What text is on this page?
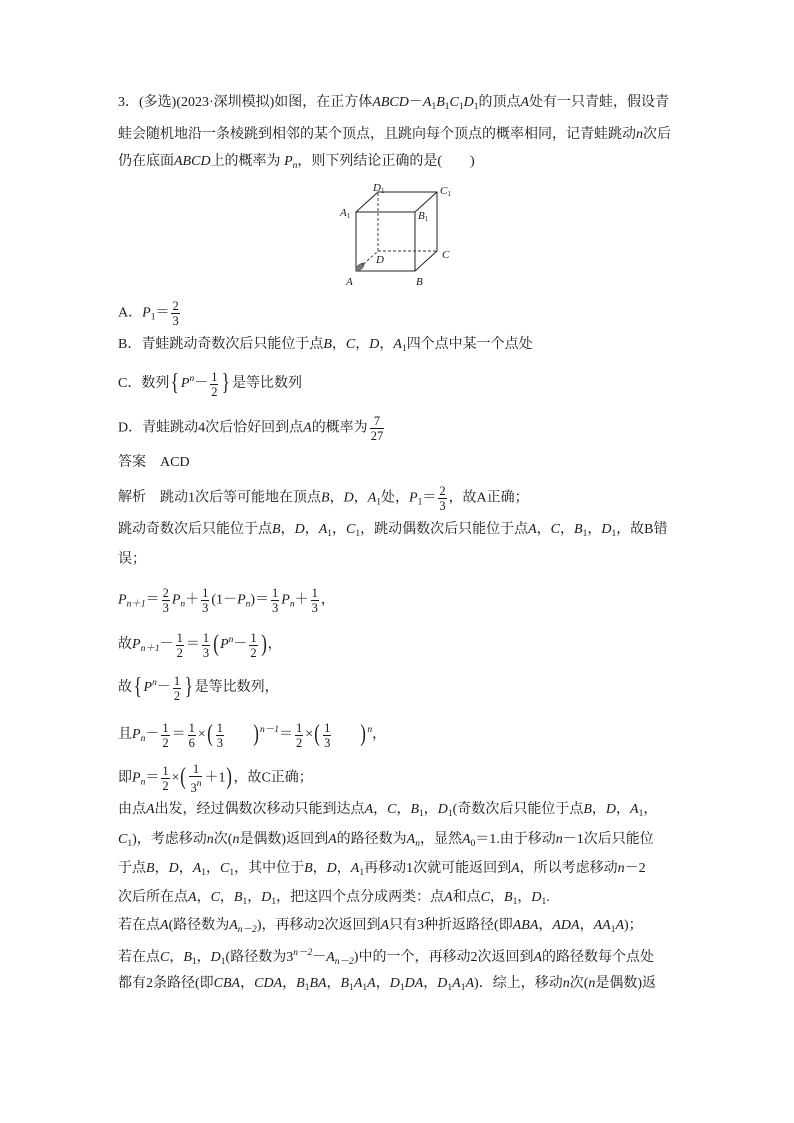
3．(多选)(2023·深圳模拟)如图，在正方体$ABCD-A_1B_1C_1D_1$的顶点A处有一只青蛙，假设青
蛙会随机地沿一条棱跳到相邻的某个顶点，且跳向每个顶点的概率相同，记青蛙跳动n次后
仍在底面ABCD上的概率为 $P_n$，则下列结论正确的是(　　)
D1	C1
A1	B1
D	C
A	B
A．$P_1= \frac{2}{3}$
B．青蛙跳动奇数次后只能位于点B，C，D，$A_1$四个点中某一个点处
C．数列{ $P^n- \frac{1}{2}$ } 是等比数列
D．青蛙跳动4次后恰好回到点A的概率为 $\frac{7}{27}$
答案 ACD
解析 跳动1次后等可能地在顶点B，D，$A_1$处，$P_1= \frac{2}{3}$ ，故A正确；
跳动奇数次后只能位于点B，D，$A_1$，$C_1$，跳动偶数次后只能位于点A，C，$B_1$，$D_1$，故B错
误；
$P_{n+1}= \frac{2}{3} P_n+ \frac{1}{3} (1-P_n)= \frac{1}{3} P_n+ \frac{1}{3}$ ，
故$P_{n+1}- \frac{1}{2} = \frac{1}{3} (P^n- \frac{1}{2}$ )，
故{ $P^n- \frac{1}{2}$ } 是等比数列，
且$P_n- \frac{1}{2} = \frac{1}{6}$ ×( $\frac{1}{3} )^{n-1}= \frac{1}{2}$ ×( $\frac{1}{3} )^n$，
即$P_n= \frac{1}{2}$ ×( $\frac{1}{3^n} +1$)，故C正确；
由点A出发，经过偶数次移动只能到达点A，C，$B_1$，$D_1$(奇数次后只能位于点B，D，$A_1$，
$C_1$)，考虑移动n次(n是偶数)返回到A的路径数为$A_n$，显然$A_0=1$.由于移动n－1次后只能位
于点B，D，$A_1$，$C_1$，其中位于B，D，$A_1$再移动1次就可能返回到A，所以考虑移动n－2
次后所在点A，C，$B_1$，$D_1$，把这四个点分成两类：点A和点C，$B_1$，$D_1$.
若在点A(路径数为$A_{n-2}$)，再移动2次返回到A只有3种折返路径(即ABA，ADA，$AA_1A$)；
若在点C，$B_1$，$D_1$(路径数为$3^{n-2}-A_{n-2}$)中的一个，再移动2次返回到A的路径数每个点处
都有2条路径(即CBA，CDA，$B_1BA$，$B_1A_1A$，$D_1DA$，$D_1A_1A$)．综上，移动n次(n是偶数)返
